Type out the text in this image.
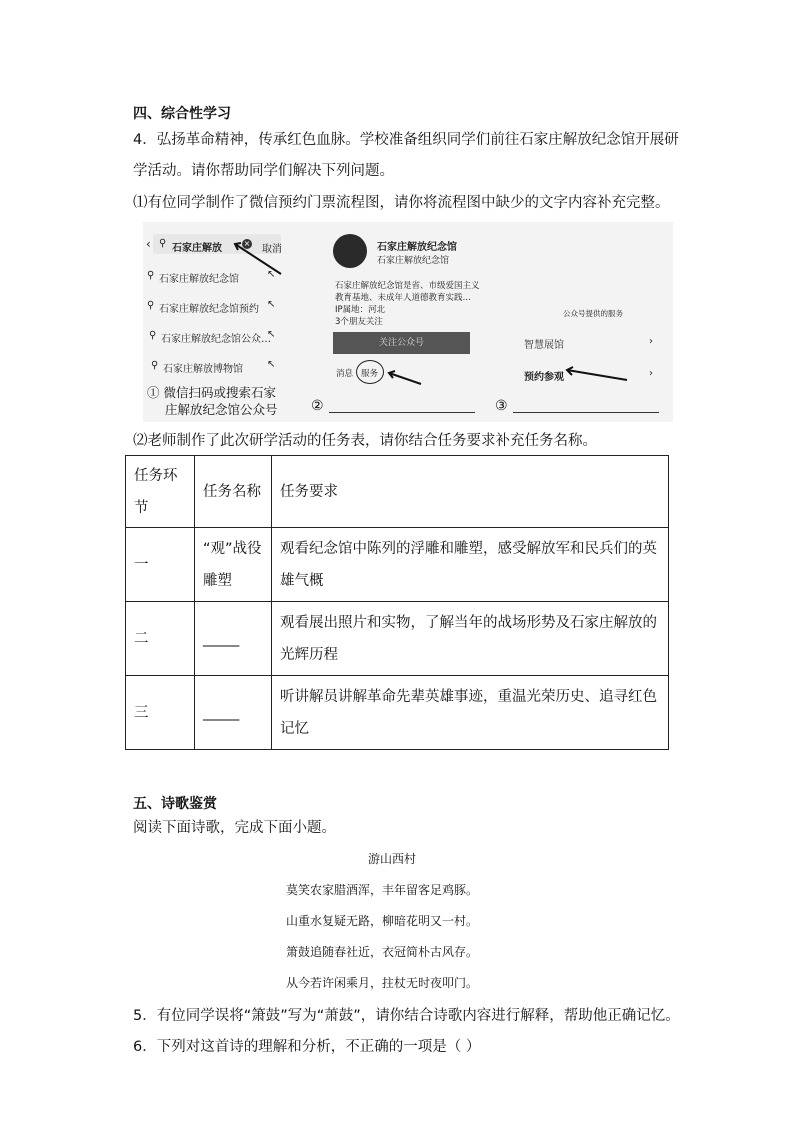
四、综合性学习
4．弘扬革命精神，传承红色血脉。学校准备组织同学们前往石家庄解放纪念馆开展研
学活动。请你帮助同学们解决下列问题。
⑴有位同学制作了微信预约门票流程图，请你将流程图中缺少的文字内容补充完整。
‹ ⚲ 石家庄解放	×
取消
⚲ 石家庄解放纪念馆
⚲ 石家庄解放纪念馆预约 ↖
⚲ 石家庄解放纪念馆公众…
↖
↖
⚲ 石家庄解放博物馆 ↖
① 微信扫码或搜索石家
庄解放纪念馆公众号
石家庄解放纪念馆
石家庄解放纪念馆
石家庄解放纪念馆是省、市级爱国主义
教育基地、未成年人道德教育实践…
IP属地：河北
3个朋友关注
关注公众号
消息 服务
②
公众号提供的服务
智慧展馆	›
预约参观	›
③
⑵老师制作了此次研学活动的任务表，请你结合任务要求补充任务名称。
任务环节	任务名称	任务要求
一	“观”战役雕塑	观看纪念馆中陈列的浮雕和雕塑，感受解放军和民兵们的英雄气概
二	_____	观看展出照片和实物，了解当年的战场形势及石家庄解放的光辉历程
三	_____	听讲解员讲解革命先辈英雄事迹，重温光荣历史、追寻红色记忆
五、诗歌鉴赏
阅读下面诗歌，完成下面小题。
游山西村
莫笑农家腊酒浑，丰年留客足鸡豚。
山重水复疑无路，柳暗花明又一村。
箫鼓追随春社近，衣冠简朴古风存。
从今若许闲乘月，拄杖无时夜叩门。
5．有位同学误将“箫鼓”写为“萧鼓”，请你结合诗歌内容进行解释，帮助他正确记忆。
6．下列对这首诗的理解和分析，不正确的一项是（ ）
